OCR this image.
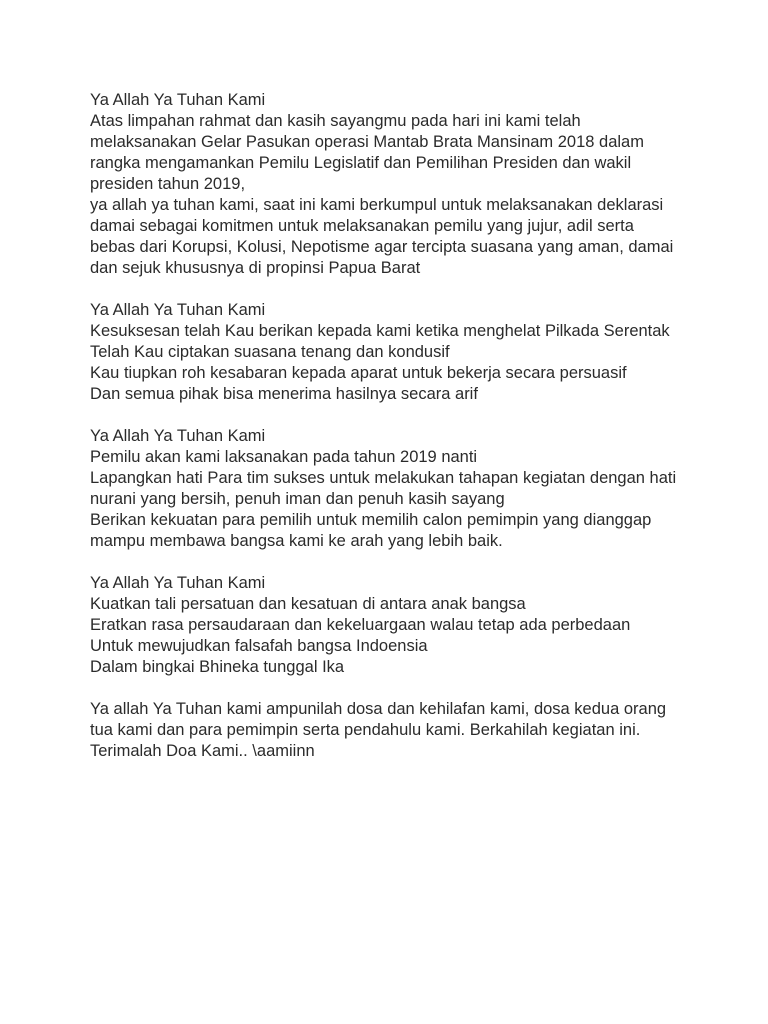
Ya Allah Ya Tuhan Kami
Atas limpahan rahmat dan kasih sayangmu pada hari ini kami telah
melaksanakan Gelar Pasukan operasi Mantab Brata Mansinam 2018 dalam
rangka mengamankan Pemilu Legislatif dan Pemilihan Presiden dan wakil
presiden tahun 2019,
ya allah ya tuhan kami, saat ini kami berkumpul untuk melaksanakan deklarasi
damai sebagai komitmen untuk melaksanakan pemilu yang jujur, adil serta
bebas dari Korupsi, Kolusi, Nepotisme agar tercipta suasana yang aman, damai
dan sejuk khususnya di propinsi Papua Barat
Ya Allah Ya Tuhan Kami
Kesuksesan telah Kau berikan kepada kami ketika menghelat Pilkada Serentak
Telah Kau ciptakan suasana tenang dan kondusif
Kau tiupkan roh kesabaran kepada aparat untuk bekerja secara persuasif
Dan semua pihak bisa menerima hasilnya secara arif
Ya Allah Ya Tuhan Kami
Pemilu akan kami laksanakan pada tahun 2019 nanti
Lapangkan hati Para tim sukses untuk melakukan tahapan kegiatan dengan hati
nurani yang bersih, penuh iman dan penuh kasih sayang
Berikan kekuatan para pemilih untuk memilih calon pemimpin yang dianggap
mampu membawa bangsa kami ke arah yang lebih baik.
Ya Allah Ya Tuhan Kami
Kuatkan tali persatuan dan kesatuan di antara anak bangsa
Eratkan rasa persaudaraan dan kekeluargaan walau tetap ada perbedaan
Untuk mewujudkan falsafah bangsa Indoensia
Dalam bingkai Bhineka tunggal Ika
Ya allah Ya Tuhan kami ampunilah dosa dan kehilafan kami, dosa kedua orang
tua kami dan para pemimpin serta pendahulu kami. Berkahilah kegiatan ini.
Terimalah Doa Kami.. \aamiinn
